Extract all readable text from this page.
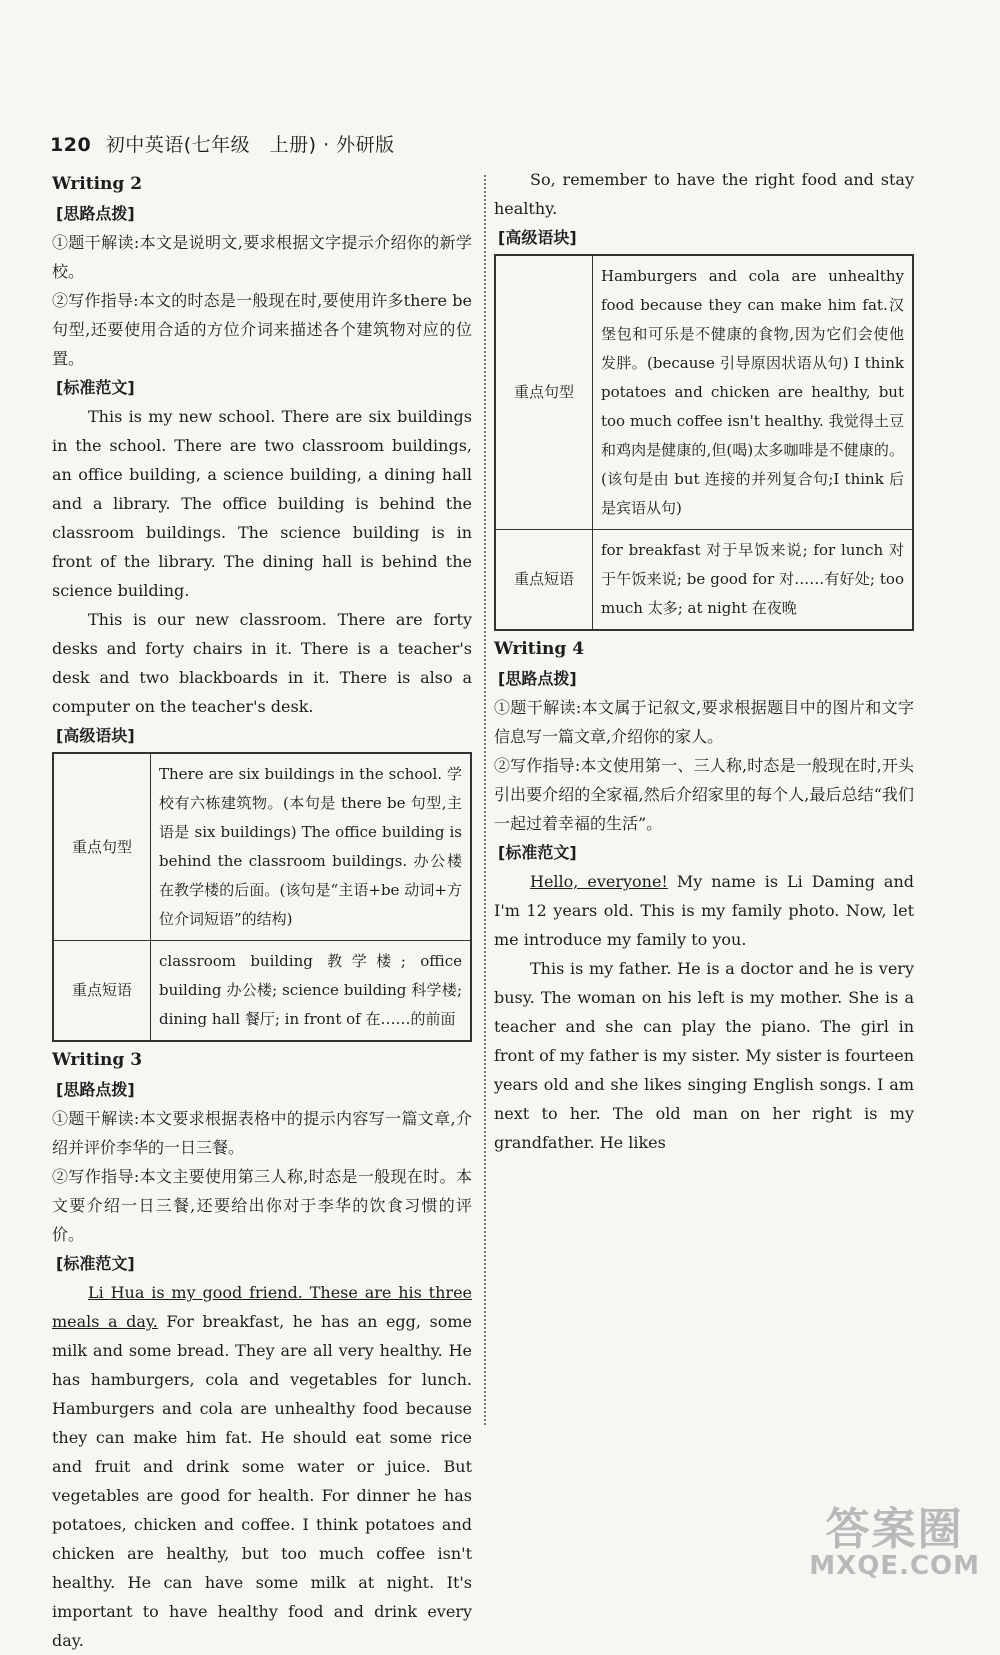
120 初中英语(七年级　上册) · 外研版
Writing 2
[思路点拨]

①题干解读:本文是说明文,要求根据文字提示介绍你的新学校。

②写作指导:本文的时态是一般现在时,要使用许多there be 句型,还要使用合适的方位介词来描述各个建筑物对应的位置。

[标准范文]

This is my new school. There are six buildings in the school. There are two classroom buildings, an office building, a science building, a dining hall and a library. The office building is behind the classroom buildings. The science building is in front of the library. The dining hall is behind the science building.

This is our new classroom. There are forty desks and forty chairs in it. There is a teacher's desk and two blackboards in it. There is also a computer on the teacher's desk.

[高级语块]
重点句型	There are six buildings in the school. 学校有六栋建筑物。(本句是 there be 句型,主语是 six buildings) The office building is behind the classroom buildings. 办公楼在教学楼的后面。(该句是“主语+be 动词+方位介词短语”的结构)
重点短语	classroom building 教学楼; office building 办公楼; science building 科学楼; dining hall 餐厅; in front of 在……的前面
Writing 3
[思路点拨]

①题干解读:本文要求根据表格中的提示内容写一篇文章,介绍并评价李华的一日三餐。

②写作指导:本文主要使用第三人称,时态是一般现在时。本文要介绍一日三餐,还要给出你对于李华的饮食习惯的评价。

[标准范文]

Li Hua is my good friend. These are his three meals a day. For breakfast, he has an egg, some milk and some bread. They are all very healthy. He has hamburgers, cola and vegetables for lunch. Hamburgers and cola are unhealthy food because they can make him fat. He should eat some rice and fruit and drink some water or juice. But vegetables are good for health. For dinner he has potatoes, chicken and coffee. I think potatoes and chicken are healthy, but too much coffee isn't healthy. He can have some milk at night. It's important to have healthy food and drink every day.

So, remember to have the right food and stay healthy.

[高级语块]
重点句型	Hamburgers and cola are unhealthy food because they can make him fat.汉堡包和可乐是不健康的食物,因为它们会使他发胖。(because 引导原因状语从句) I think potatoes and chicken are healthy, but too much coffee isn't healthy. 我觉得土豆和鸡肉是健康的,但(喝)太多咖啡是不健康的。(该句是由 but 连接的并列复合句;I think 后是宾语从句)
重点短语	for breakfast 对于早饭来说; for lunch 对于午饭来说; be good for 对……有好处; too much 太多; at night 在夜晚
Writing 4
[思路点拨]

①题干解读:本文属于记叙文,要求根据题目中的图片和文字信息写一篇文章,介绍你的家人。

②写作指导:本文使用第一、三人称,时态是一般现在时,开头引出要介绍的全家福,然后介绍家里的每个人,最后总结“我们一起过着幸福的生活”。

[标准范文]

Hello, everyone! My name is Li Daming and I'm 12 years old. This is my family photo. Now, let me introduce my family to you.

This is my father. He is a doctor and he is very busy. The woman on his left is my mother. She is a teacher and she can play the piano. The girl in front of my father is my sister. My sister is fourteen years old and she likes singing English songs. I am next to her. The old man on her right is my grandfather. He likes

答案圈
MXQE.COM
